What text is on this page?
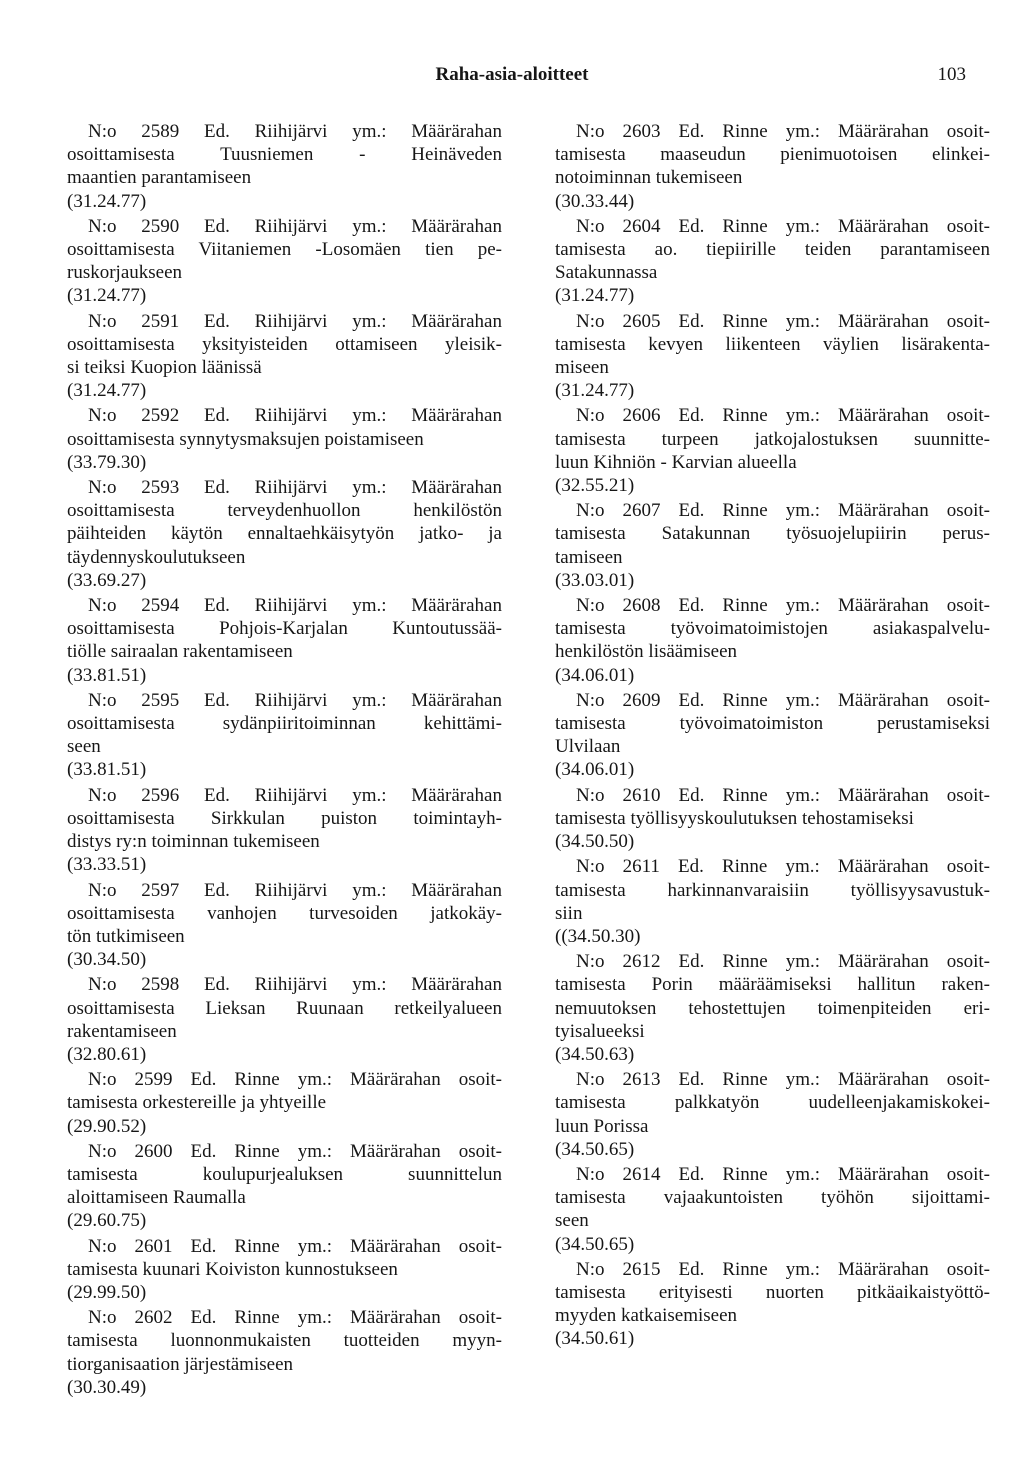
Raha-asia-aloitteet	103
N:o 2589 Ed. Riihijärvi ym.: Määrärahan
osoittamisesta Tuusniemen - Heinäveden
maantien parantamiseen
(31.24.77)
N:o 2590 Ed. Riihijärvi ym.: Määrärahan
osoittamisesta Viitaniemen -Losomäen tien pe-
ruskorjaukseen
(31.24.77)
N:o 2591 Ed. Riihijärvi ym.: Määrärahan
osoittamisesta yksityisteiden ottamiseen yleisik-
si teiksi Kuopion läänissä
(31.24.77)
N:o 2592 Ed. Riihijärvi ym.: Määrärahan
osoittamisesta synnytysmaksujen poistamiseen
(33.79.30)
N:o 2593 Ed. Riihijärvi ym.: Määrärahan
osoittamisesta terveydenhuollon henkilöstön
päihteiden käytön ennaltaehkäisytyön jatko- ja
täydennyskoulutukseen
(33.69.27)
N:o 2594 Ed. Riihijärvi ym.: Määrärahan
osoittamisesta Pohjois-Karjalan Kuntoutussää-
tiölle sairaalan rakentamiseen
(33.81.51)
N:o 2595 Ed. Riihijärvi ym.: Määrärahan
osoittamisesta sydänpiiritoiminnan kehittämi-
seen
(33.81.51)
N:o 2596 Ed. Riihijärvi ym.: Määrärahan
osoittamisesta Sirkkulan puiston toimintayh-
distys ry:n toiminnan tukemiseen
(33.33.51)
N:o 2597 Ed. Riihijärvi ym.: Määrärahan
osoittamisesta vanhojen turvesoiden jatkokäy-
tön tutkimiseen
(30.34.50)
N:o 2598 Ed. Riihijärvi ym.: Määrärahan
osoittamisesta Lieksan Ruunaan retkeilyalueen
rakentamiseen
(32.80.61)
N:o 2599 Ed. Rinne ym.: Määrärahan osoit-
tamisesta orkestereille ja yhtyeille
(29.90.52)
N:o 2600 Ed. Rinne ym.: Määrärahan osoit-
tamisesta koulupurjealuksen suunnittelun
aloittamiseen Raumalla
(29.60.75)
N:o 2601 Ed. Rinne ym.: Määrärahan osoit-
tamisesta kuunari Koiviston kunnostukseen
(29.99.50)
N:o 2602 Ed. Rinne ym.: Määrärahan osoit-
tamisesta luonnonmukaisten tuotteiden myyn-
tiorganisaation järjestämiseen
(30.30.49)
N:o 2603 Ed. Rinne ym.: Määrärahan osoit-
tamisesta maaseudun pienimuotoisen elinkei-
notoiminnan tukemiseen
(30.33.44)
N:o 2604 Ed. Rinne ym.: Määrärahan osoit-
tamisesta ao. tiepiirille teiden parantamiseen
Satakunnassa
(31.24.77)
N:o 2605 Ed. Rinne ym.: Määrärahan osoit-
tamisesta kevyen liikenteen väylien lisärakenta-
miseen
(31.24.77)
N:o 2606 Ed. Rinne ym.: Määrärahan osoit-
tamisesta turpeen jatkojalostuksen suunnitte-
luun Kihniön - Karvian alueella
(32.55.21)
N:o 2607 Ed. Rinne ym.: Määrärahan osoit-
tamisesta Satakunnan työsuojelupiirin perus-
tamiseen
(33.03.01)
N:o 2608 Ed. Rinne ym.: Määrärahan osoit-
tamisesta työvoimatoimistojen asiakaspalvelu-
henkilöstön lisäämiseen
(34.06.01)
N:o 2609 Ed. Rinne ym.: Määrärahan osoit-
tamisesta työvoimatoimiston perustamiseksi
Ulvilaan
(34.06.01)
N:o 2610 Ed. Rinne ym.: Määrärahan osoit-
tamisesta työllisyyskoulutuksen tehostamiseksi
(34.50.50)
N:o 2611 Ed. Rinne ym.: Määrärahan osoit-
tamisesta harkinnanvaraisiin työllisyysavustuk-
siin
((34.50.30)
N:o 2612 Ed. Rinne ym.: Määrärahan osoit-
tamisesta Porin määräämiseksi hallitun raken-
nemuutoksen tehostettujen toimenpiteiden eri-
tyisalueeksi
(34.50.63)
N:o 2613 Ed. Rinne ym.: Määrärahan osoit-
tamisesta palkkatyön uudelleenjakamiskokei-
luun Porissa
(34.50.65)
N:o 2614 Ed. Rinne ym.: Määrärahan osoit-
tamisesta vajaakuntoisten työhön sijoittami-
seen
(34.50.65)
N:o 2615 Ed. Rinne ym.: Määrärahan osoit-
tamisesta erityisesti nuorten pitkäaikaistyöttö-
myyden katkaisemiseen
(34.50.61)
